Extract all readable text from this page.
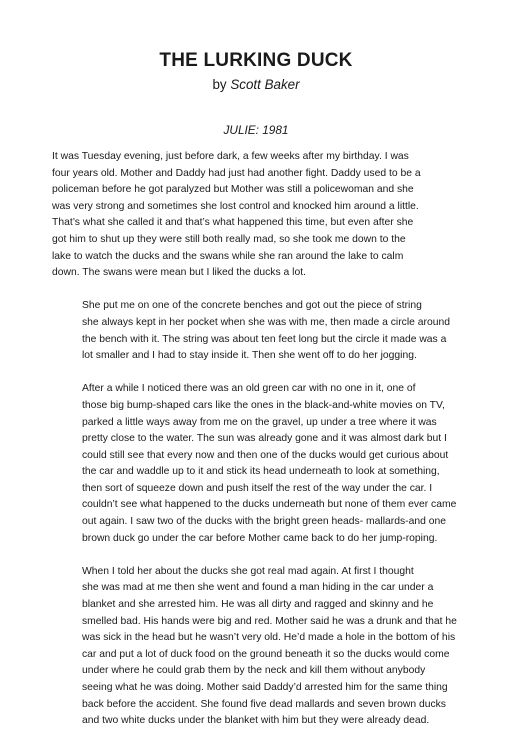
THE LURKING DUCK
by Scott Baker
JULIE: 1981
It was Tuesday evening, just before dark, a few weeks after my birthday. I was
four years old. Mother and Daddy had just had another fight. Daddy used to be a
policeman before he got paralyzed but Mother was still a policewoman and she
was very strong and sometimes she lost control and knocked him around a little.
That’s what she called it and that’s what happened this time, but even after she
got him to shut up they were still both really mad, so she took me down to the
lake to watch the ducks and the swans while she ran around the lake to calm
down. The swans were mean but I liked the ducks a lot.
She put me on one of the concrete benches and got out the piece of string
she always kept in her pocket when she was with me, then made a circle around
the bench with it. The string was about ten feet long but the circle it made was a
lot smaller and I had to stay inside it. Then she went off to do her jogging.
After a while I noticed there was an old green car with no one in it, one of
those big bump-shaped cars like the ones in the black-and-white movies on TV,
parked a little ways away from me on the gravel, up under a tree where it was
pretty close to the water. The sun was already gone and it was almost dark but I
could still see that every now and then one of the ducks would get curious about
the car and waddle up to it and stick its head underneath to look at something,
then sort of squeeze down and push itself the rest of the way under the car. I
couldn’t see what happened to the ducks underneath but none of them ever came
out again. I saw two of the ducks with the bright green heads- mallards-and one
brown duck go under the car before Mother came back to do her jump-roping.
When I told her about the ducks she got real mad again. At first I thought
she was mad at me then she went and found a man hiding in the car under a
blanket and she arrested him. He was all dirty and ragged and skinny and he
smelled bad. His hands were big and red. Mother said he was a drunk and that he
was sick in the head but he wasn’t very old. He’d made a hole in the bottom of his
car and put a lot of duck food on the ground beneath it so the ducks would come
under where he could grab them by the neck and kill them without anybody
seeing what he was doing. Mother said Daddy’d arrested him for the same thing
back before the accident. She found five dead mallards and seven brown ducks
and two white ducks under the blanket with him but they were already dead.
